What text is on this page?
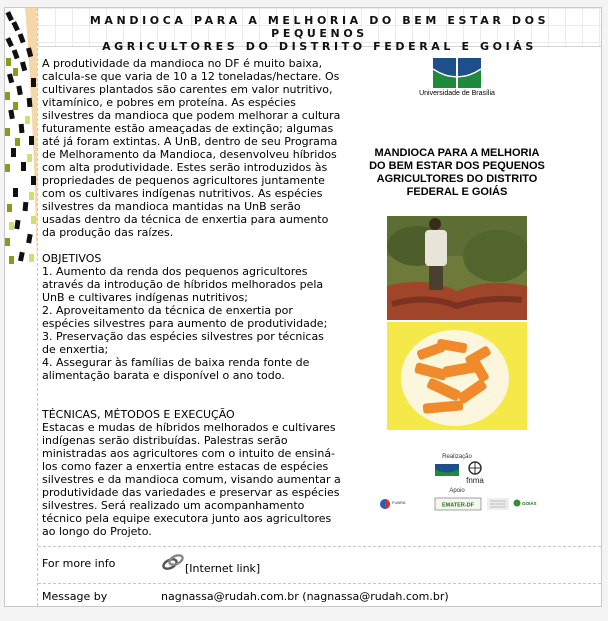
MANDIOCA PARA A MELHORIA DO BEM ESTAR DOS PEQUENOS
AGRICULTORES DO DISTRITO FEDERAL E GOIÁS

A produtividade da mandioca no DF é muito baixa,
calcula-se que varia de 10 a 12 toneladas/hectare. Os
cultivares plantados são carentes em valor nutritivo,
vitamínico, e pobres em proteína. As espécies
silvestres da mandioca que podem melhorar a cultura
futuramente estão ameaçadas de extinção; algumas
até já foram extintas. A UnB, dentro de seu Programa
de Melhoramento da Mandioca, desenvolveu híbridos
com alta produtividade. Estes serão introduzidos às
propriedades de pequenos agricultores juntamente
com os cultivares indígenas nutritivos. As espécies
silvestres da mandioca mantidas na UnB serão
usadas dentro da técnica de enxertia para aumento
da produção das raízes.

OBJETIVOS

1. Aumento da renda dos pequenos agricultores
através da introdução de híbridos melhorados pela
UnB e cultivares indígenas nutritivos;

2. Aproveitamento da técnica de enxertia por
espécies silvestres para aumento de produtividade;

3. Preservação das espécies silvestres por técnicas
de enxertia;

4. Assegurar às famílias de baixa renda fonte de
alimentação barata e disponível o ano todo.

TÉCNICAS, MÉTODOS E EXECUÇÃO

Estacas e mudas de híbridos melhorados e cultivares
indígenas serão distribuídas. Palestras serão
ministradas aos agricultores com o intuito de ensiná-
los como fazer a enxertia entre estacas de espécies
silvestres e da mandioca comum, visando aumentar a
produtividade das variedades e preservar as espécies
silvestres. Será realizado um acompanhamento
técnico pela equipe executora junto aos agricultores
ao longo do Projeto.

Universidade de Brasília
MANDIOCA PARA A MELHORIA
DO BEM ESTAR DOS PEQUENOS
AGRICULTORES DO DISTRITO
FEDERAL E GOIÁS
Realização
fnma
Apoio
FUBRA	EMATER-DF	GOIÁS
For more info	[Internet link]
Message by	nagnassa@rudah.com.br (nagnassa@rudah.com.br)
